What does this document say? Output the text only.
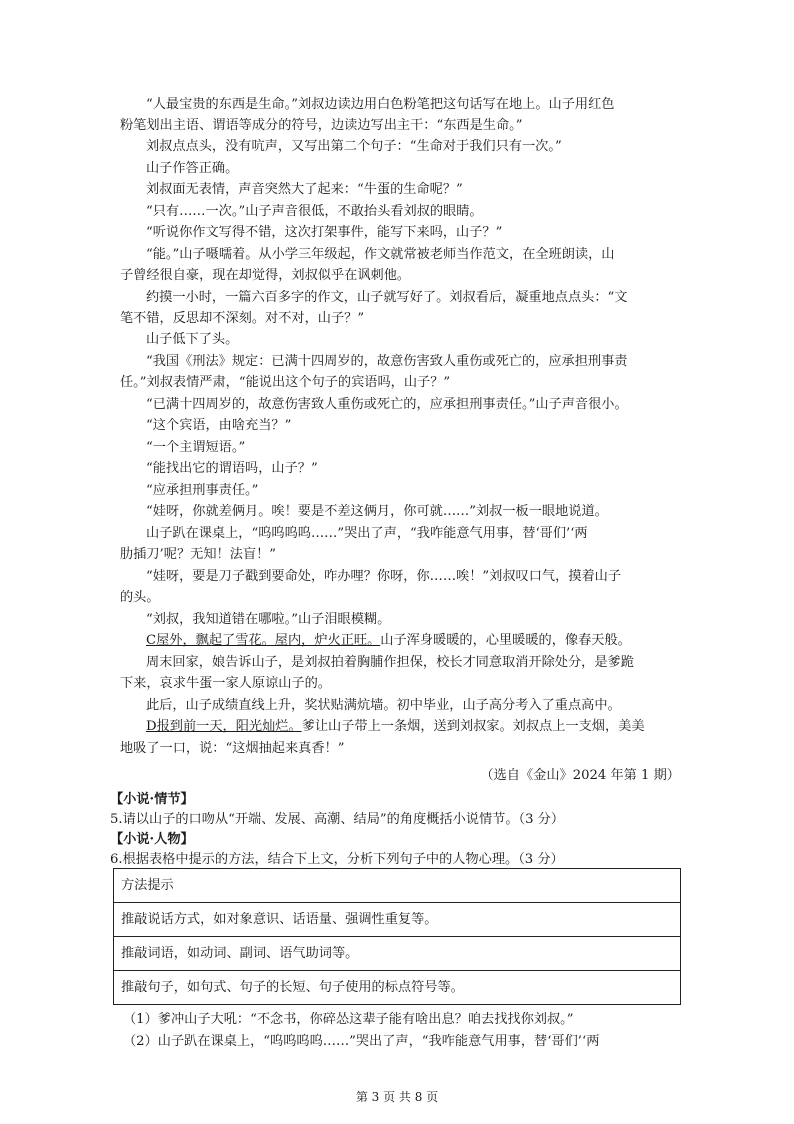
“人最宝贵的东西是生命。”刘叔边读边用白色粉笔把这句话写在地上。山子用红色
粉笔划出主语、谓语等成分的符号，边读边写出主干：“东西是生命。”
刘叔点点头，没有吭声，又写出第二个句子：“生命对于我们只有一次。”
山子作答正确。
刘叔面无表情，声音突然大了起来：“牛蛋的生命呢？”
“只有……一次。”山子声音很低，不敢抬头看刘叔的眼睛。
“听说你作文写得不错，这次打架事件，能写下来吗，山子？”
“能。”山子嗫嚅着。从小学三年级起，作文就常被老师当作范文，在全班朗读，山
子曾经很自豪，现在却觉得，刘叔似乎在讽刺他。
约摸一小时，一篇六百多字的作文，山子就写好了。刘叔看后，凝重地点点头：“文
笔不错，反思却不深刻。对不对，山子？”
山子低下了头。
“我国《刑法》规定：已满十四周岁的，故意伤害致人重伤或死亡的，应承担刑事责
任。”刘叔表情严肃，“能说出这个句子的宾语吗，山子？”
“已满十四周岁的，故意伤害致人重伤或死亡的，应承担刑事责任。”山子声音很小。
“这个宾语，由啥充当？”
“一个主谓短语。”
“能找出它的谓语吗，山子？”
“应承担刑事责任。”
“娃呀，你就差俩月。唉！要是不差这俩月，你可就……”刘叔一板一眼地说道。
山子趴在课桌上，“呜呜呜呜……”哭出了声，“我咋能意气用事，替‘哥们’‘两
肋插刀’呢？无知！法盲！”
“娃呀，要是刀子戳到要命处，咋办哩？你呀，你……唉！”刘叔叹口气，摸着山子
的头。
“刘叔，我知道错在哪啦。”山子泪眼模糊。
C屋外，飘起了雪花。屋内，炉火正旺。山子浑身暖暖的，心里暖暖的，像春天般。
周末回家，娘告诉山子，是刘叔拍着胸脯作担保，校长才同意取消开除处分，是爹跪
下来，哀求牛蛋一家人原谅山子的。
此后，山子成绩直线上升，奖状贴满炕墙。初中毕业，山子高分考入了重点高中。
D报到前一天，阳光灿烂。爹让山子带上一条烟，送到刘叔家。刘叔点上一支烟，美美
地吸了一口，说：“这烟抽起来真香！”
（选自《金山》2024 年第 1 期）
【小说·情节】
5.请以山子的口吻从“开端、发展、高潮、结局”的角度概括小说情节。（3 分）
【小说·人物】
6.根据表格中提示的方法，结合下上文，分析下列句子中的人物心理。（3 分）
方法提示
推敲说话方式，如对象意识、话语量、强调性重复等。
推敲词语，如动词、副词、语气助词等。
推敲句子，如句式、句子的长短、句子使用的标点符号等。
（1）爹冲山子大吼：“不念书，你碎怂这辈子能有啥出息？咱去找找你刘叔。”
（2）山子趴在课桌上，“呜呜呜呜……”哭出了声，“我咋能意气用事，替‘哥们’‘两
第 3 页 共 8 页
